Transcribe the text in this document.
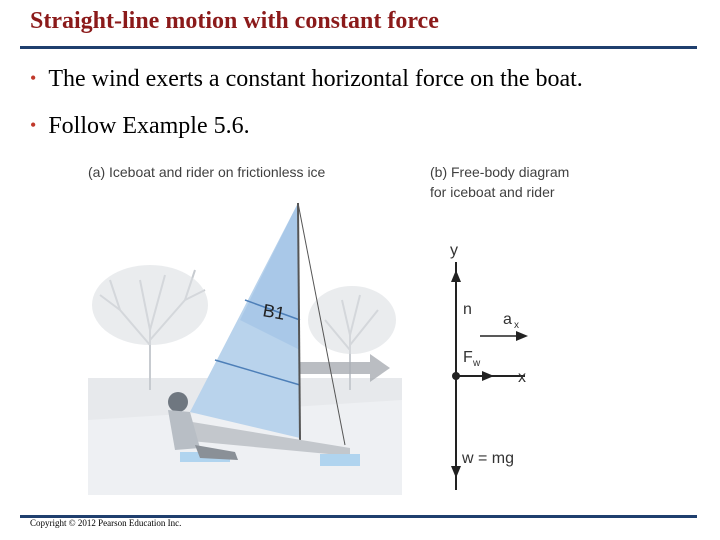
Straight-line motion with constant force
• The wind exerts a constant horizontal force on the boat.
• Follow Example 5.6.
(a) Iceboat and rider on frictionless ice	(b) Free-body diagram
for iceboat and rider
B1
y
x
n
a x
F w
w = mg
Copyright © 2012 Pearson Education Inc.
